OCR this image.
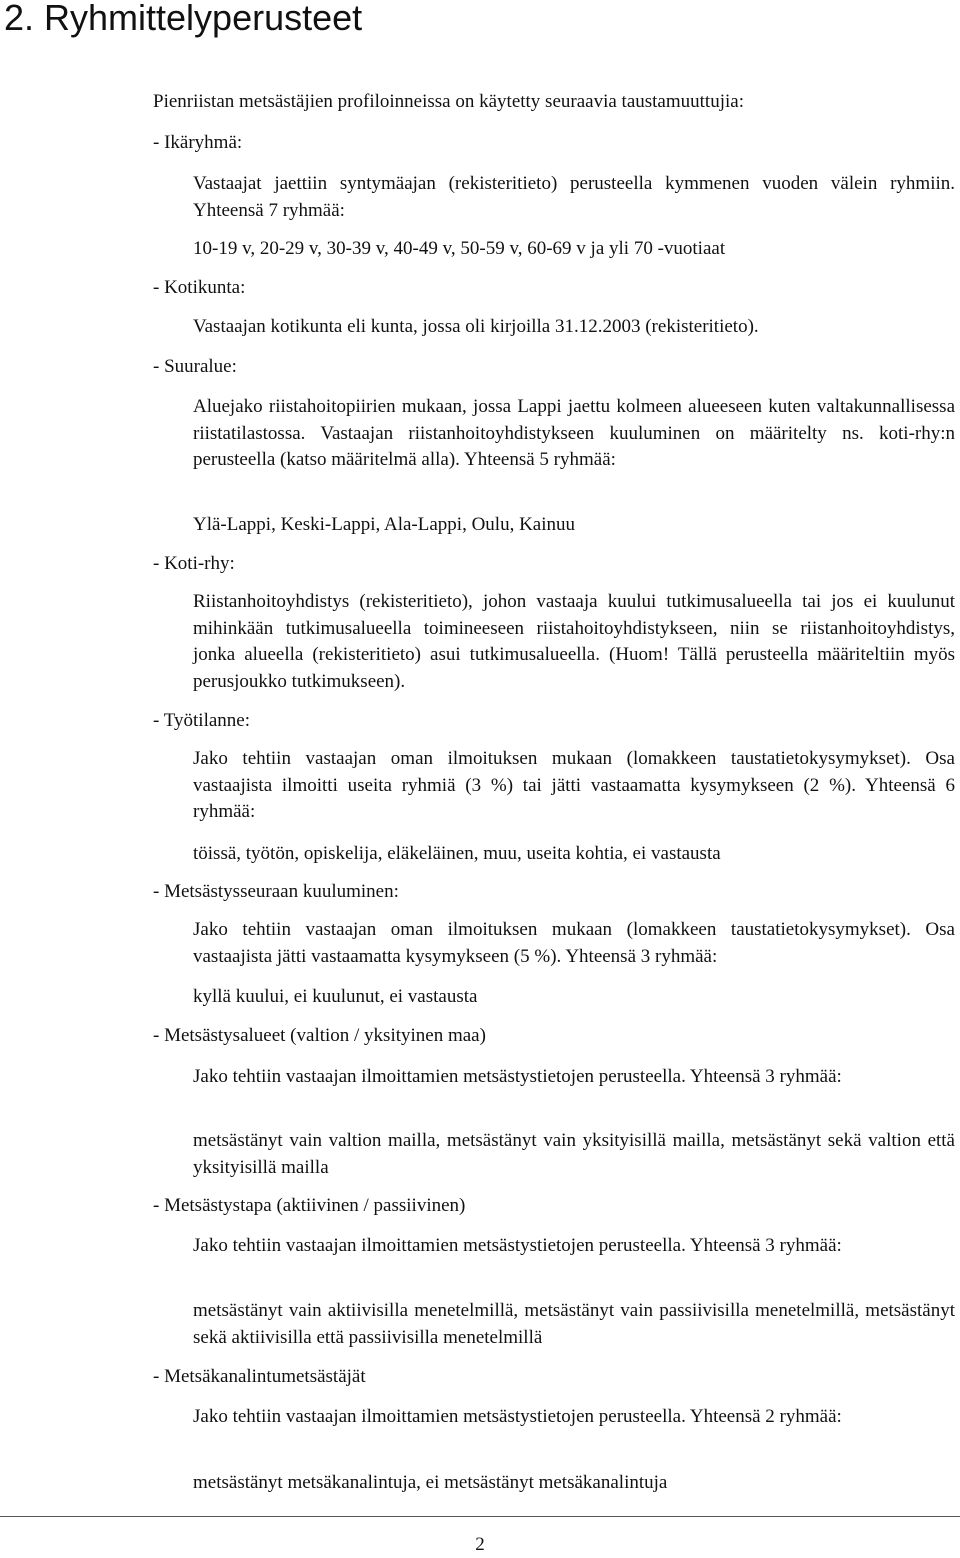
2. Ryhmittelyperusteet
Pienriistan metsästäjien profiloinneissa on käytetty seuraavia taustamuuttujia:
- Ikäryhmä:
Vastaajat jaettiin syntymäajan (rekisteritieto) perusteella kymmenen vuoden välein ryhmiin. Yhteensä 7 ryhmää:
10-19 v, 20-29 v, 30-39 v, 40-49 v, 50-59 v, 60-69 v ja yli 70 -vuotiaat
- Kotikunta:
Vastaajan kotikunta eli kunta, jossa oli kirjoilla 31.12.2003 (rekisteritieto).
- Suuralue:
Aluejako riistahoitopiirien mukaan, jossa Lappi jaettu kolmeen alueeseen kuten valtakunnallisessa riistatilastossa. Vastaajan riistanhoitoyhdistykseen kuuluminen on määritelty ns. koti-rhy:n perusteella (katso määritelmä alla). Yhteensä 5 ryhmää:
Ylä-Lappi, Keski-Lappi, Ala-Lappi, Oulu, Kainuu
- Koti-rhy:
Riistanhoitoyhdistys (rekisteritieto), johon vastaaja kuului tutkimusalueella tai jos ei kuulunut mihinkään tutkimusalueella toimineeseen riistahoitoyhdistykseen, niin se riistanhoitoyhdistys, jonka alueella (rekisteritieto) asui tutkimusalueella. (Huom! Tällä perusteella määriteltiin myös perusjoukko tutkimukseen).
- Työtilanne:
Jako tehtiin vastaajan oman ilmoituksen mukaan (lomakkeen taustatietokysymykset). Osa vastaajista ilmoitti useita ryhmiä (3 %) tai jätti vastaamatta kysymykseen (2 %). Yhteensä 6 ryhmää:
töissä, työtön, opiskelija, eläkeläinen, muu, useita kohtia, ei vastausta
- Metsästysseuraan kuuluminen:
Jako tehtiin vastaajan oman ilmoituksen mukaan (lomakkeen taustatietokysymykset). Osa vastaajista jätti vastaamatta kysymykseen (5 %). Yhteensä 3 ryhmää:
kyllä kuului, ei kuulunut, ei vastausta
- Metsästysalueet (valtion / yksityinen maa)
Jako tehtiin vastaajan ilmoittamien metsästystietojen perusteella. Yhteensä 3 ryhmää:
metsästänyt vain valtion mailla, metsästänyt vain yksityisillä mailla, metsästänyt sekä valtion että yksityisillä mailla
- Metsästystapa (aktiivinen / passiivinen)
Jako tehtiin vastaajan ilmoittamien metsästystietojen perusteella. Yhteensä 3 ryhmää:
metsästänyt vain aktiivisilla menetelmillä, metsästänyt vain passiivisilla menetelmillä, metsästänyt sekä aktiivisilla että passiivisilla menetelmillä
- Metsäkanalintumetsästäjät
Jako tehtiin vastaajan ilmoittamien metsästystietojen perusteella. Yhteensä 2 ryhmää:
metsästänyt metsäkanalintuja, ei metsästänyt metsäkanalintuja
2
